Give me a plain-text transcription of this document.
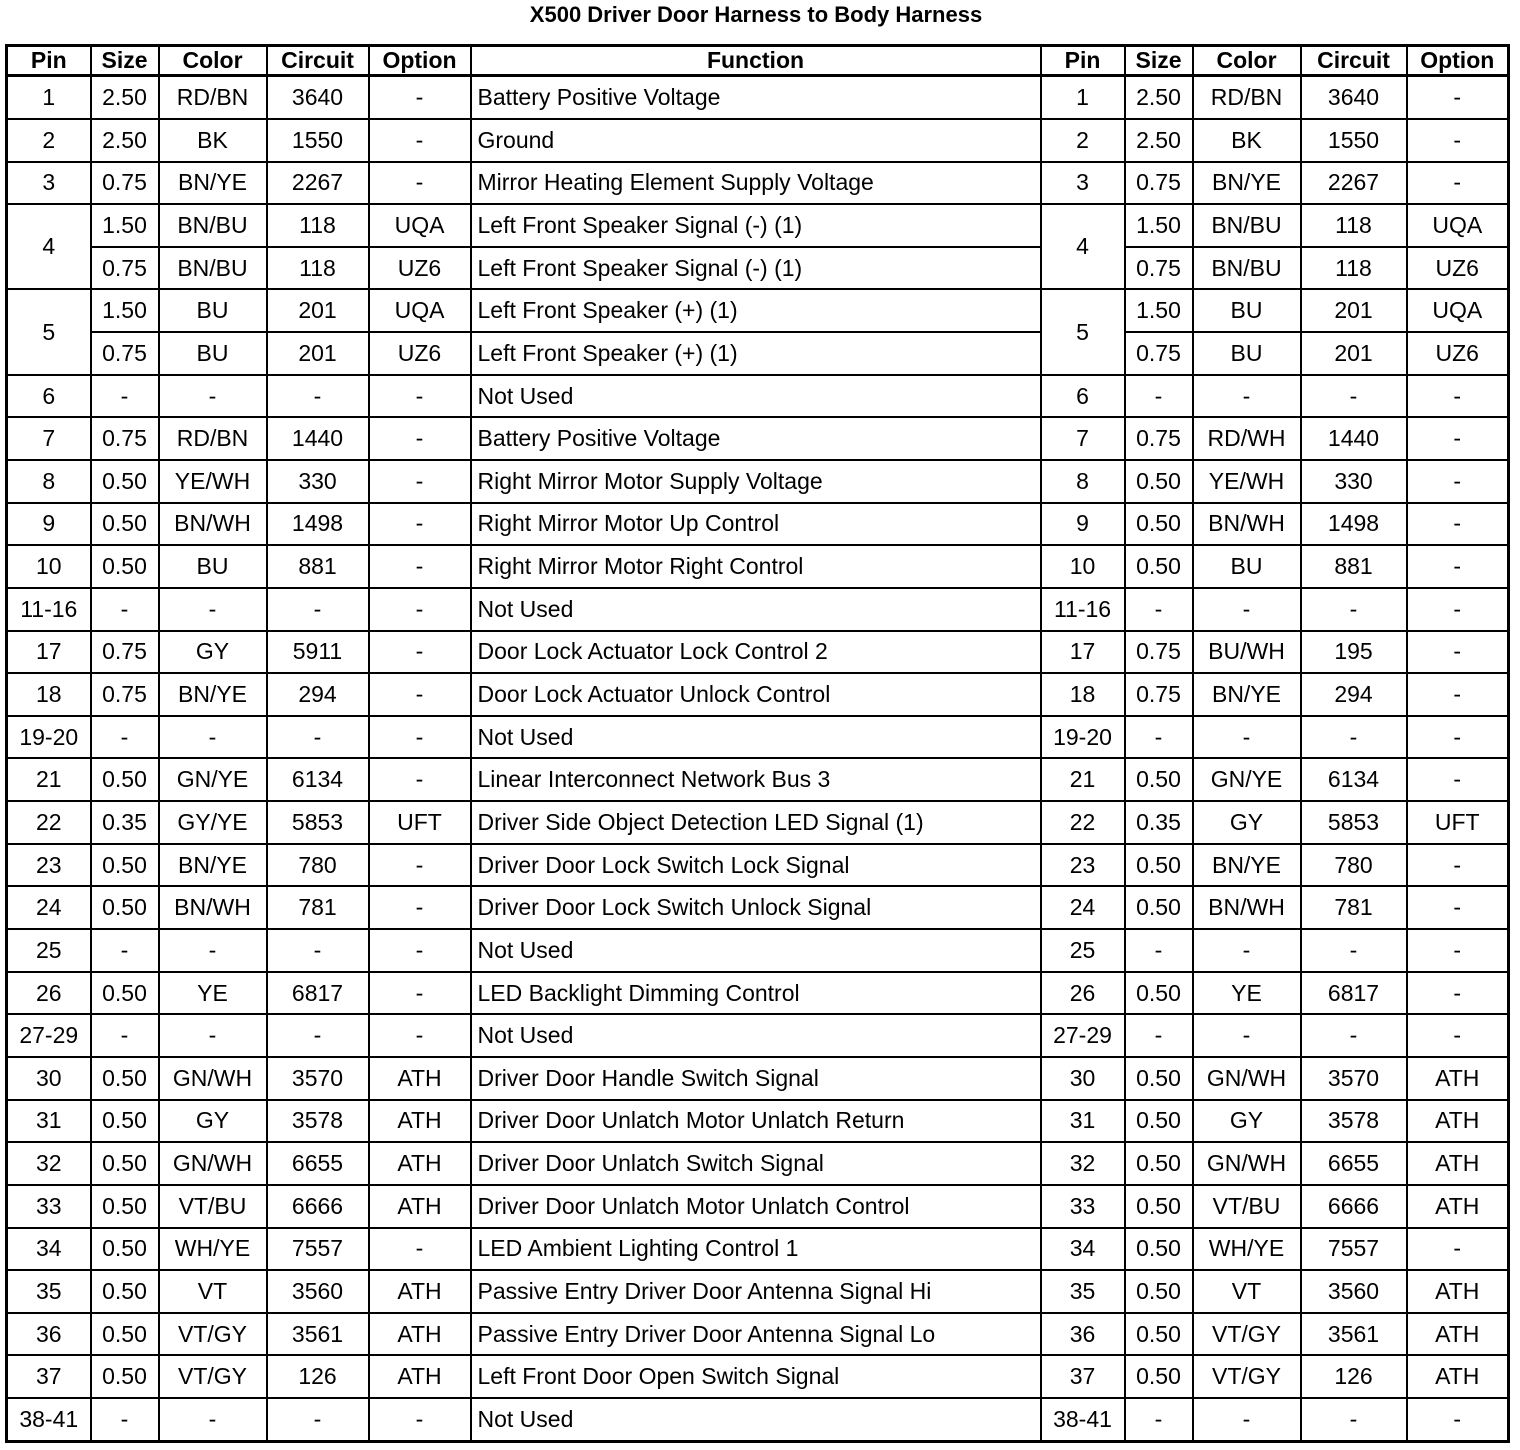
X500 Driver Door Harness to Body Harness
Pin	Size	Color	Circuit	Option	Function	Pin	Size	Color	Circuit	Option
1	2.50	RD/BN	3640	-	Battery Positive Voltage	1	2.50	RD/BN	3640	-
2	2.50	BK	1550	-	Ground	2	2.50	BK	1550	-
3	0.75	BN/YE	2267	-	Mirror Heating Element Supply Voltage	3	0.75	BN/YE	2267	-
4	1.50	BN/BU	118	UQA	Left Front Speaker Signal (-) (1)	4	1.50	BN/BU	118	UQA
	0.75	BN/BU	118	UZ6	Left Front Speaker Signal (-) (1)		0.75	BN/BU	118	UZ6
5	1.50	BU	201	UQA	Left Front Speaker (+) (1)	5	1.50	BU	201	UQA
	0.75	BU	201	UZ6	Left Front Speaker (+) (1)		0.75	BU	201	UZ6
6	-	-	-	-	Not Used	6	-	-	-	-
7	0.75	RD/BN	1440	-	Battery Positive Voltage	7	0.75	RD/WH	1440	-
8	0.50	YE/WH	330	-	Right Mirror Motor Supply Voltage	8	0.50	YE/WH	330	-
9	0.50	BN/WH	1498	-	Right Mirror Motor Up Control	9	0.50	BN/WH	1498	-
10	0.50	BU	881	-	Right Mirror Motor Right Control	10	0.50	BU	881	-
11-16	-	-	-	-	Not Used	11-16	-	-	-	-
17	0.75	GY	5911	-	Door Lock Actuator Lock Control 2	17	0.75	BU/WH	195	-
18	0.75	BN/YE	294	-	Door Lock Actuator Unlock Control	18	0.75	BN/YE	294	-
19-20	-	-	-	-	Not Used	19-20	-	-	-	-
21	0.50	GN/YE	6134	-	Linear Interconnect Network Bus 3	21	0.50	GN/YE	6134	-
22	0.35	GY/YE	5853	UFT	Driver Side Object Detection LED Signal (1)	22	0.35	GY	5853	UFT
23	0.50	BN/YE	780	-	Driver Door Lock Switch Lock Signal	23	0.50	BN/YE	780	-
24	0.50	BN/WH	781	-	Driver Door Lock Switch Unlock Signal	24	0.50	BN/WH	781	-
25	-	-	-	-	Not Used	25	-	-	-	-
26	0.50	YE	6817	-	LED Backlight Dimming Control	26	0.50	YE	6817	-
27-29	-	-	-	-	Not Used	27-29	-	-	-	-
30	0.50	GN/WH	3570	ATH	Driver Door Handle Switch Signal	30	0.50	GN/WH	3570	ATH
31	0.50	GY	3578	ATH	Driver Door Unlatch Motor Unlatch Return	31	0.50	GY	3578	ATH
32	0.50	GN/WH	6655	ATH	Driver Door Unlatch Switch Signal	32	0.50	GN/WH	6655	ATH
33	0.50	VT/BU	6666	ATH	Driver Door Unlatch Motor Unlatch Control	33	0.50	VT/BU	6666	ATH
34	0.50	WH/YE	7557	-	LED Ambient Lighting Control 1	34	0.50	WH/YE	7557	-
35	0.50	VT	3560	ATH	Passive Entry Driver Door Antenna Signal Hi	35	0.50	VT	3560	ATH
36	0.50	VT/GY	3561	ATH	Passive Entry Driver Door Antenna Signal Lo	36	0.50	VT/GY	3561	ATH
37	0.50	VT/GY	126	ATH	Left Front Door Open Switch Signal	37	0.50	VT/GY	126	ATH
38-41	-	-	-	-	Not Used	38-41	-	-	-	-
